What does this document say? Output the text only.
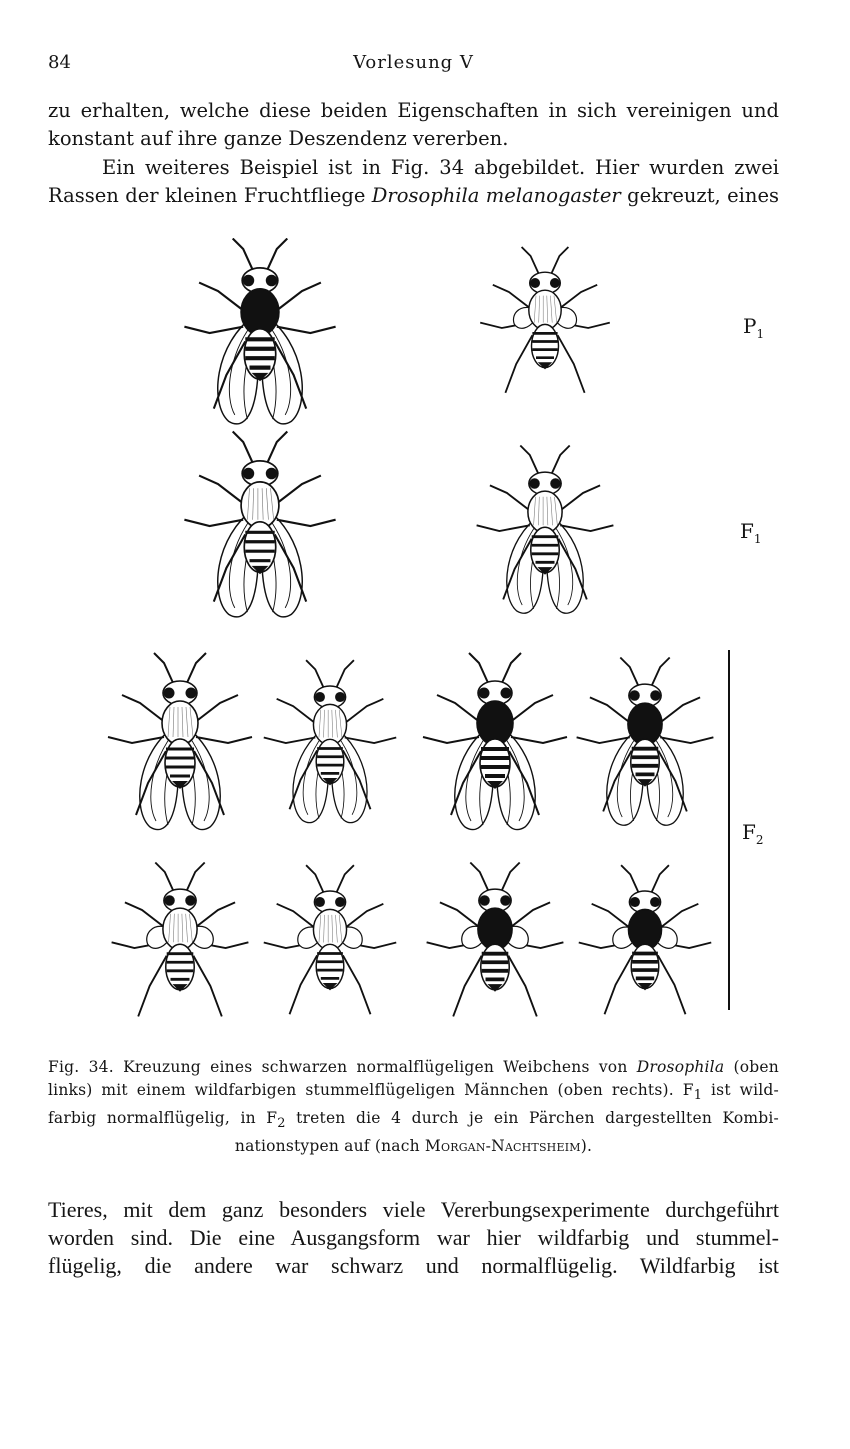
84	Vorlesung V

zu erhalten, welche diese beiden Eigenschaften in sich vereinigen und

konstant auf ihre ganze Deszendenz vererben.

Ein weiteres Beispiel ist in Fig. 34 abgebildet. Hier wurden zwei

Rassen der kleinen Fruchtfliege Drosophila melanogaster gekreuzt, eines

$P_1$
$F_1$
$F_2$
Fig. 34. Kreuzung eines schwarzen normalflügeligen Weibchens von Drosophila (oben
links) mit einem wildfarbigen stummelflügeligen Männchen (oben rechts). $F_1$ ist wild-
farbig normalflügelig, in $F_2$ treten die 4 durch je ein Pärchen dargestellten Kombi-
nationstypen auf (nach Morgan-Nachtsheim).
Tieres, mit dem ganz besonders viele Vererbungsexperimente durchgeführt
worden sind. Die eine Ausgangsform war hier wildfarbig und stummel-
flügelig, die andere war schwarz und normalflügelig. Wildfarbig ist
